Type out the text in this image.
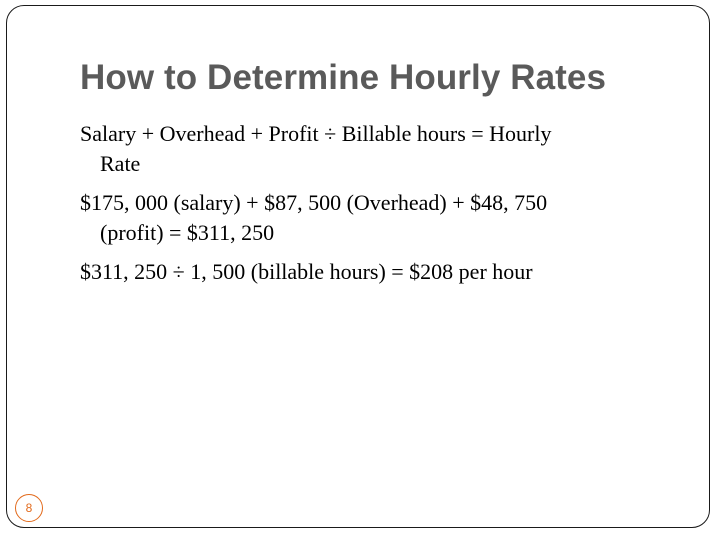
How to Determine Hourly Rates

Salary + Overhead + Profit ÷ Billable hours = Hourly
Rate

$175, 000 (salary) + $87, 500 (Overhead) + $48, 750
(profit) = $311, 250

$311, 250 ÷ 1, 500 (billable hours) = $208 per hour

8
